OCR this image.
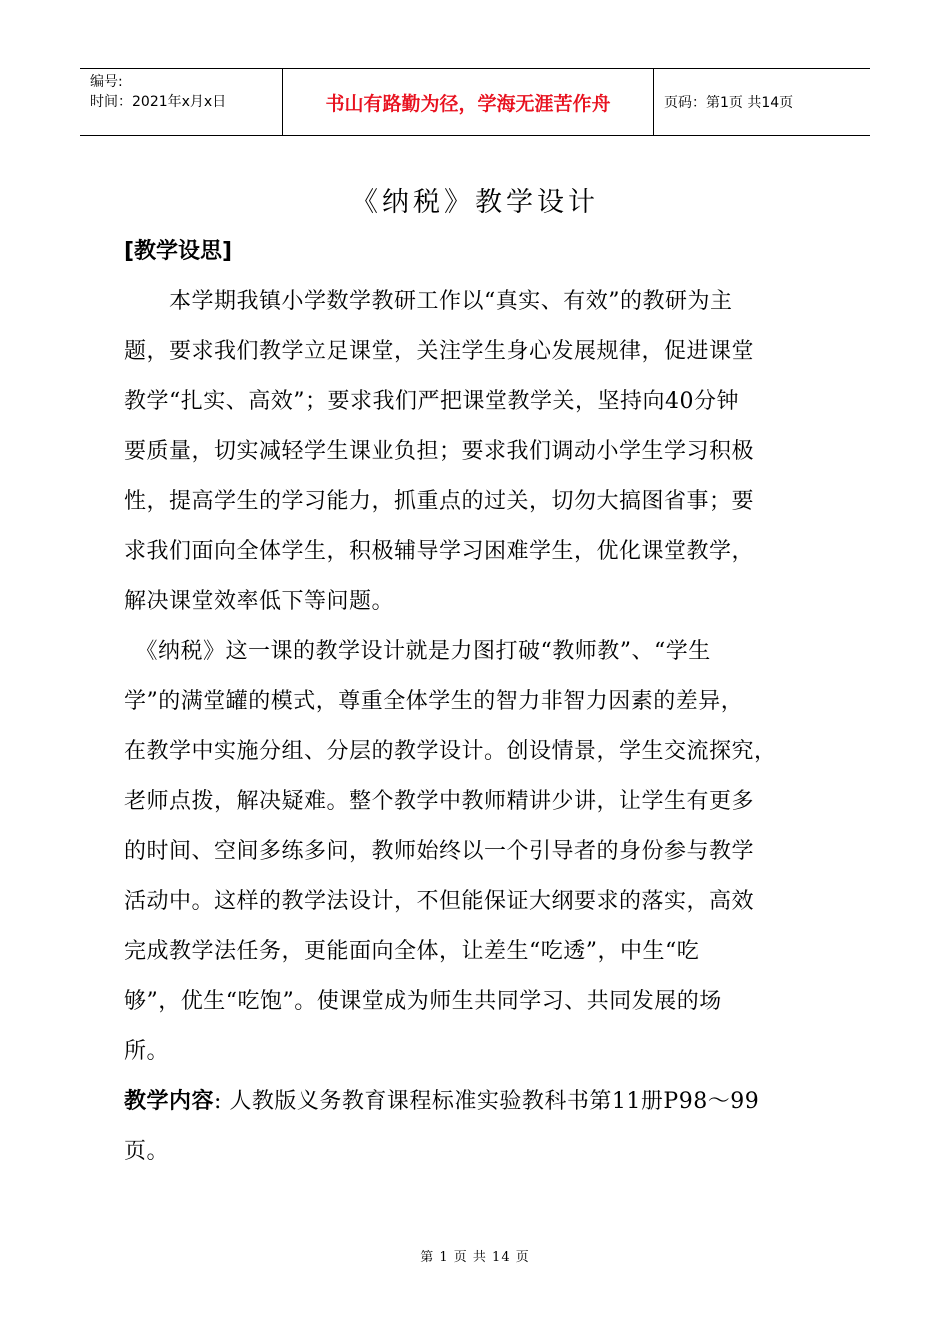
编号:
时间：2021年x月x日	书山有路勤为径，学海无涯苦作舟	页码：第1页 共14页
《纳税》教学设计
[教学设思]
　　本学期我镇小学数学教研工作以“真实、有效”的教研为主
题，要求我们教学立足课堂，关注学生身心发展规律，促进课堂
教学“扎实、高效”；要求我们严把课堂教学关，坚持向40分钟
要质量，切实减轻学生课业负担；要求我们调动小学生学习积极
性，提高学生的学习能力，抓重点的过关，切勿大搞图省事；要
求我们面向全体学生，积极辅导学习困难学生，优化课堂教学，
解决课堂效率低下等问题。
　《纳税》这一课的教学设计就是力图打破“教师教”、“学生
学”的满堂罐的模式，尊重全体学生的智力非智力因素的差异，
在教学中实施分组、分层的教学设计。创设情景，学生交流探究，
老师点拨，解决疑难。整个教学中教师精讲少讲，让学生有更多
的时间、空间多练多问，教师始终以一个引导者的身份参与教学
活动中。这样的教学法设计，不但能保证大纲要求的落实，高效
完成教学法任务，更能面向全体，让差生“吃透”，中生“吃
够”，优生“吃饱”。使课堂成为师生共同学习、共同发展的场
所。
教学内容: 人教版义务教育课程标准实验教科书第11册P98～99
页。
第 1 页 共 14 页
